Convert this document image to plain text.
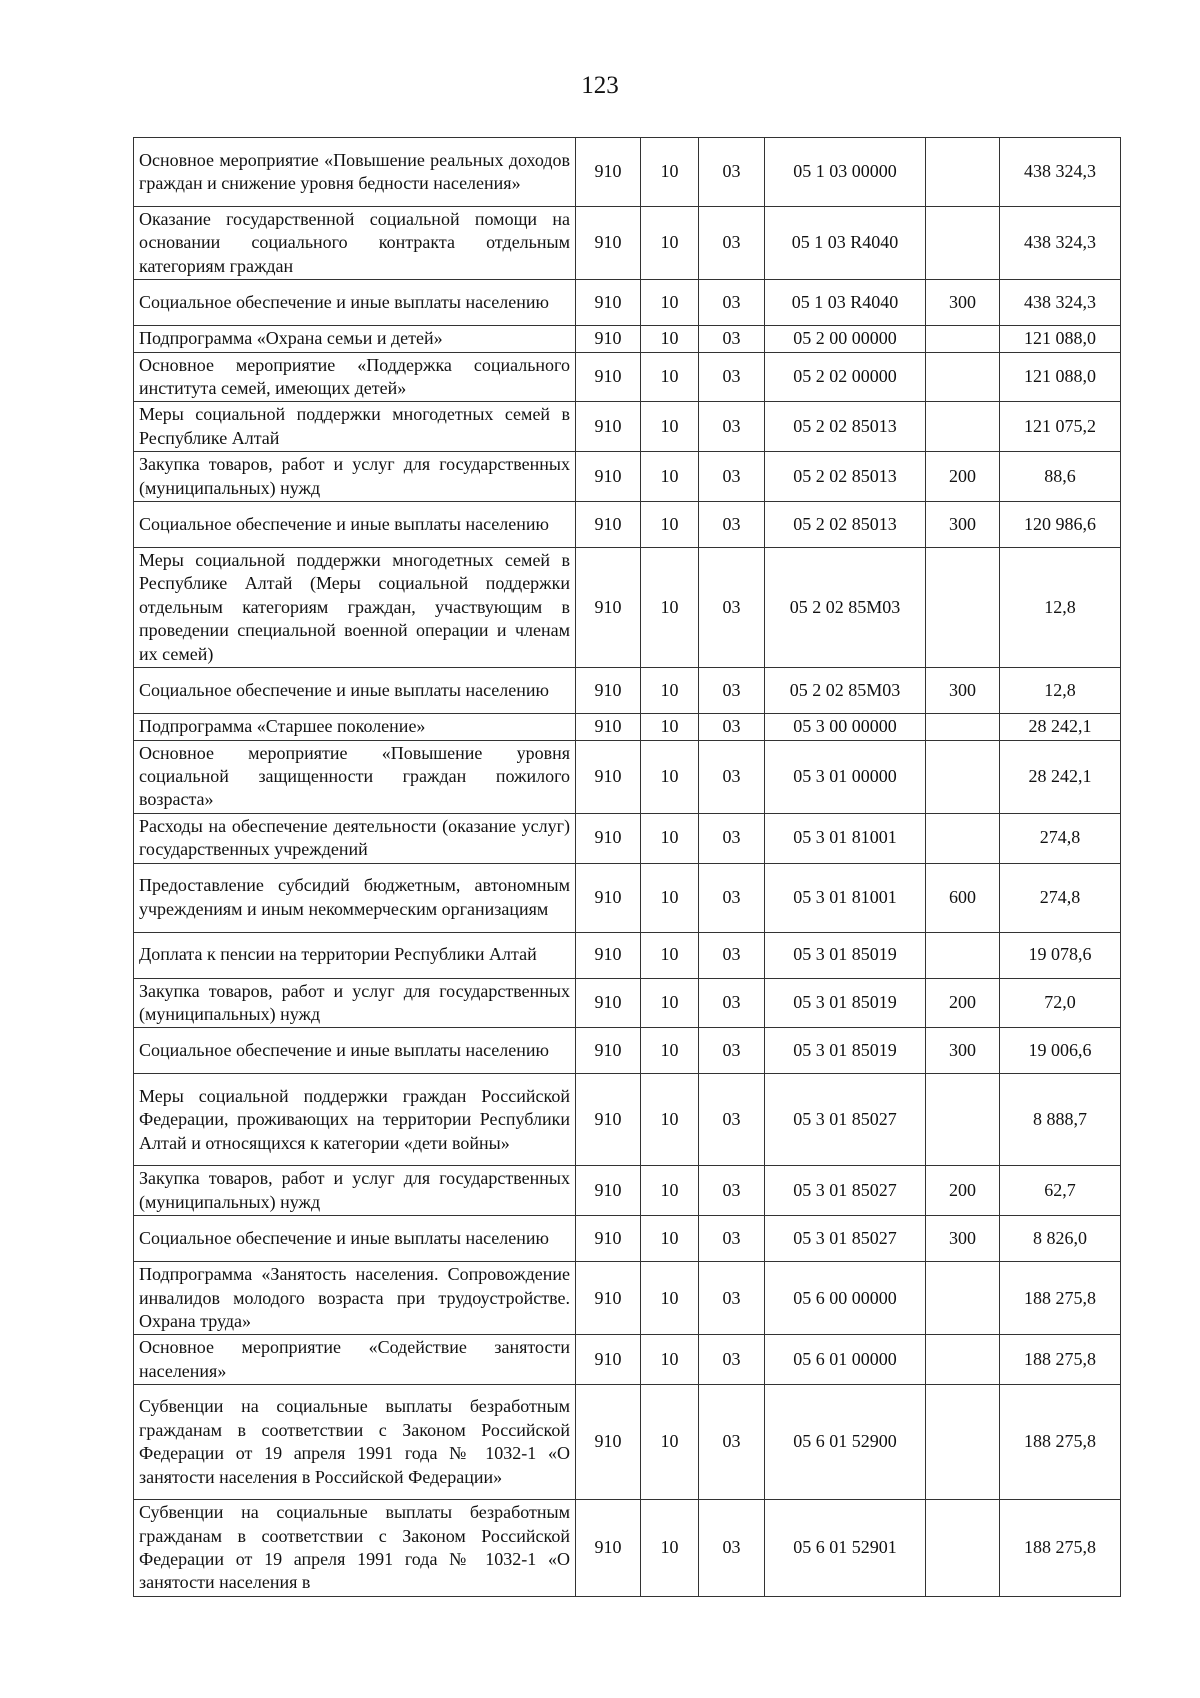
123
Основное мероприятие «Повышение реальных доходов граждан и снижение уровня бедности населения»	910	10	03	05 1 03 00000		438 324,3
Оказание государственной социальной помощи на основании социального контракта отдельным категориям граждан	910	10	03	05 1 03 R4040		438 324,3
Социальное обеспечение и иные выплаты населению	910	10	03	05 1 03 R4040	300	438 324,3
Подпрограмма «Охрана семьи и детей»	910	10	03	05 2 00 00000		121 088,0
Основное мероприятие «Поддержка социального института семей, имеющих детей»	910	10	03	05 2 02 00000		121 088,0
Меры социальной поддержки многодетных семей в Республике Алтай	910	10	03	05 2 02 85013		121 075,2
Закупка товаров, работ и услуг для государственных (муниципальных) нужд	910	10	03	05 2 02 85013	200	88,6
Социальное обеспечение и иные выплаты населению	910	10	03	05 2 02 85013	300	120 986,6
Меры социальной поддержки многодетных семей в Республике Алтай (Меры социальной поддержки отдельным категориям граждан, участвующим в проведении специальной военной операции и членам их семей)	910	10	03	05 2 02 85M03		12,8
Социальное обеспечение и иные выплаты населению	910	10	03	05 2 02 85M03	300	12,8
Подпрограмма «Старшее поколение»	910	10	03	05 3 00 00000		28 242,1
Основное мероприятие «Повышение уровня социальной защищенности граждан пожилого возраста»	910	10	03	05 3 01 00000		28 242,1
Расходы на обеспечение деятельности (оказание услуг) государственных учреждений	910	10	03	05 3 01 81001		274,8
Предоставление субсидий бюджетным, автономным учреждениям и иным некоммерческим организациям	910	10	03	05 3 01 81001	600	274,8
Доплата к пенсии на территории Республики Алтай	910	10	03	05 3 01 85019		19 078,6
Закупка товаров, работ и услуг для государственных (муниципальных) нужд	910	10	03	05 3 01 85019	200	72,0
Социальное обеспечение и иные выплаты населению	910	10	03	05 3 01 85019	300	19 006,6
Меры социальной поддержки граждан Российской Федерации, проживающих на территории Республики Алтай и относящихся к категории «дети войны»	910	10	03	05 3 01 85027		8 888,7
Закупка товаров, работ и услуг для государственных (муниципальных) нужд	910	10	03	05 3 01 85027	200	62,7
Социальное обеспечение и иные выплаты населению	910	10	03	05 3 01 85027	300	8 826,0
Подпрограмма «Занятость населения. Сопровождение инвалидов молодого возраста при трудоустройстве. Охрана труда»	910	10	03	05 6 00 00000		188 275,8
Основное мероприятие «Содействие занятости населения»	910	10	03	05 6 01 00000		188 275,8
Субвенции на социальные выплаты безработным гражданам в соответствии с Законом Российской Федерации от 19 апреля 1991 года № 1032-1 «О занятости населения в Российской Федерации»	910	10	03	05 6 01 52900		188 275,8
Субвенции на социальные выплаты безработным гражданам в соответствии с Законом Российской Федерации от 19 апреля 1991 года № 1032-1 «О занятости населения в	910	10	03	05 6 01 52901		188 275,8
